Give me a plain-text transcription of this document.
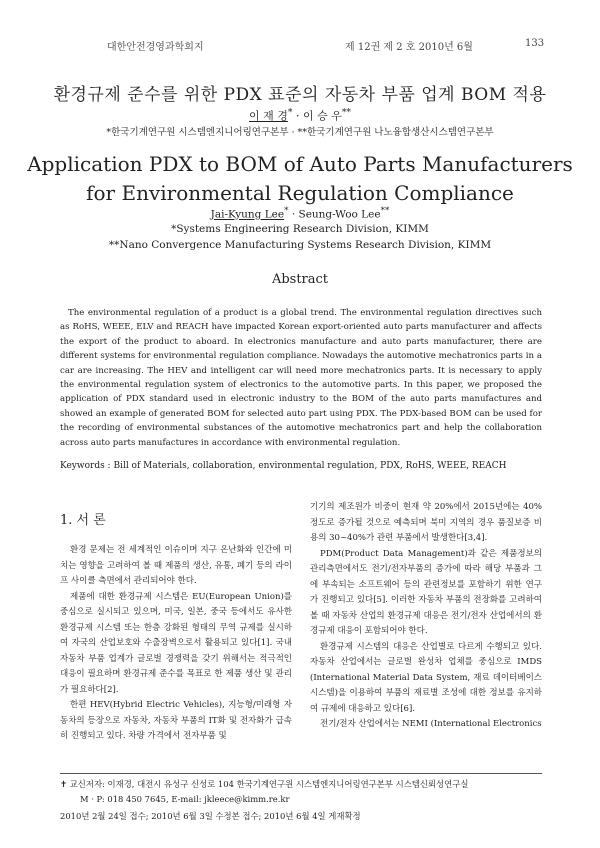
대한안전경영과학회지	제 12권 제 2 호 2010년 6월	133
환경규제 준수를 위한 PDX 표준의 자동차 부품 업계 BOM 적용
이 재 경* · 이 승 우**
*한국기계연구원 시스템엔지니어링연구본부 · **한국기계연구원 나노융합생산시스템연구본부
Application PDX to BOM of Auto Parts Manufacturers
for Environmental Regulation Compliance
Jai-Kyung Lee* · Seung-Woo Lee**
*Systems Engineering Research Division, KIMM
**Nano Convergence Manufacturing Systems Research Division, KIMM
Abstract
The environmental regulation of a product is a global trend. The environmental regulation directives such as RoHS, WEEE, ELV and REACH have impacted Korean export-oriented auto parts manufacturer and affects the export of the product to aboard. In electronics manufacture and auto parts manufacturer, there are different systems for environmental regulation compliance. Nowadays the automotive mechatronics parts in a car are increasing. The HEV and intelligent car will need more mechatronics parts. It is necessary to apply the environmental regulation system of electronics to the automotive parts. In this paper, we proposed the application of PDX standard used in electronic industry to the BOM of the auto parts manufactures and showed an example of generated BOM for selected auto part using PDX. The PDX-based BOM can be used for the recording of environmental substances of the automotive mechatronics part and help the collaboration across auto parts manufactures in accordance with environmental regulation.
Keywords : Bill of Materials, collaboration, environmental regulation, PDX, RoHS, WEEE, REACH
1. 서 론

환경 문제는 전 세계적인 이슈이며 지구 온난화와 인간에 미치는 영향을 고려하여 볼 때 제품의 생산, 유통, 폐기 등의 라이프 사이클 측면에서 관리되어야 한다.

제품에 대한 환경규제 시스템은 EU(European Union)를 중심으로 실시되고 있으며, 미국, 일본, 중국 등에서도 유사한 환경규제 시스템 또는 한층 강화된 형태의 무역 규제를 실시하여 자국의 산업보호와 수출장벽으로서 활용되고 있다[1]. 국내 자동차 부품 업계가 글로벌 경쟁력을 갖기 위해서는 적극적인 대응이 필요하며 환경규제 준수를 목표로 한 제품 생산 및 관리가 필요하다[2].

한편 HEV(Hybrid Electric Vehicles), 지능형/미래형 자동차의 등장으로 자동차, 자동차 부품의 IT화 및 전자화가 급속히 진행되고 있다. 차량 가격에서 전자부품 및

기기의 제조원가 비중이 현재 약 20%에서 2015년에는 40% 정도로 증가될 것으로 예측되며 북미 지역의 경우 품질보증 비용의 30~40%가 관련 부품에서 발생한다[3,4].

PDM(Product Data Management)과 같은 제품정보의 관리측면에서도 전기/전자부품의 증가에 따라 해당 부품과 그에 부속되는 소프트웨어 등의 관련정보를 포함하기 위한 연구가 진행되고 있다[5]. 이러한 자동차 부품의 전장화를 고려하여 볼 때 자동차 산업의 환경규제 대응은 전기/전자 산업에서의 환경규제 대응이 포함되어야 한다.

환경규제 시스템의 대응은 산업별로 다르게 수행되고 있다. 자동차 산업에서는 글로벌 완성차 업체를 중심으로 IMDS (International Material Data System, 재료 데이터베이스 시스템)을 이용하여 부품의 재료별 조성에 대한 정보를 유지하여 규제에 대응하고 있다[6].

전기/전자 산업에서는 NEMI (International Electronics

✝ 교신저자: 이재경, 대전시 유성구 신성로 104 한국기계연구원 시스템엔지니어링연구본부 시스템신뢰성연구실
M · P: 018 450 7645, E-mail: jkleece@kimm.re.kr
2010년 2월 24일 접수; 2010년 6월 3일 수정본 접수; 2010년 6월 4일 게재확정
